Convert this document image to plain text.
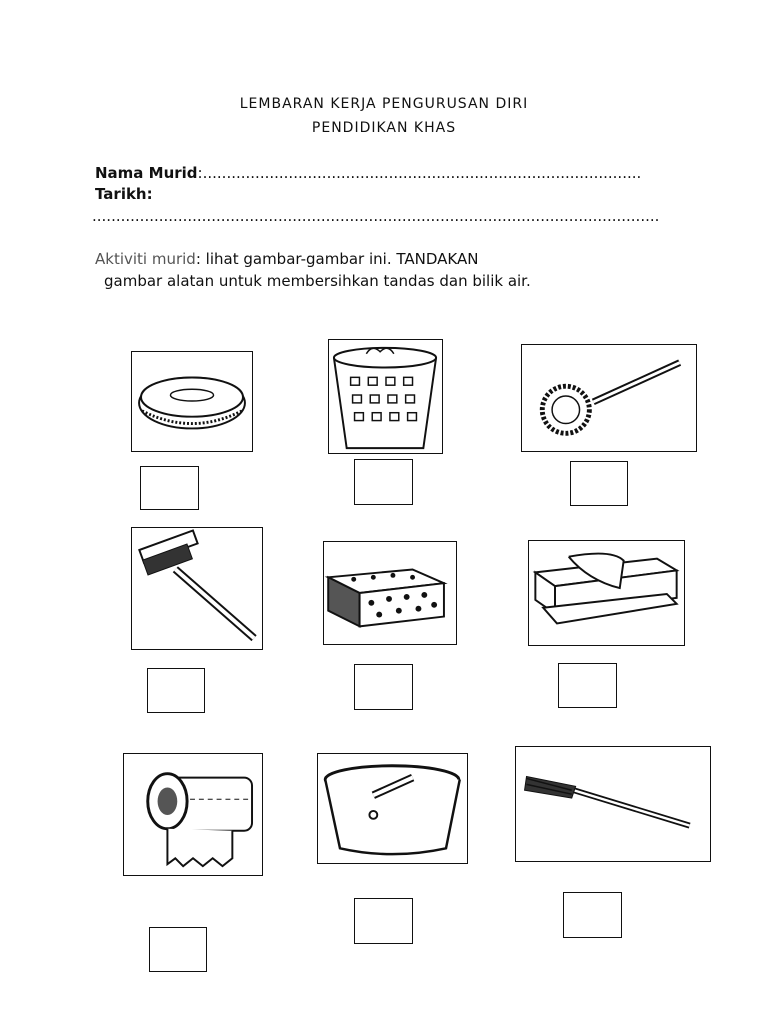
LEMBARAN KERJA PENGURUSAN DIRI
PENDIDIKAN KHAS
Nama Murid:............................................................................................
Tarikh:
.......................................................................................................................
Aktiviti murid: lihat gambar-gambar ini. TANDAKAN
gambar alatan untuk membersihkan tandas dan bilik air.
